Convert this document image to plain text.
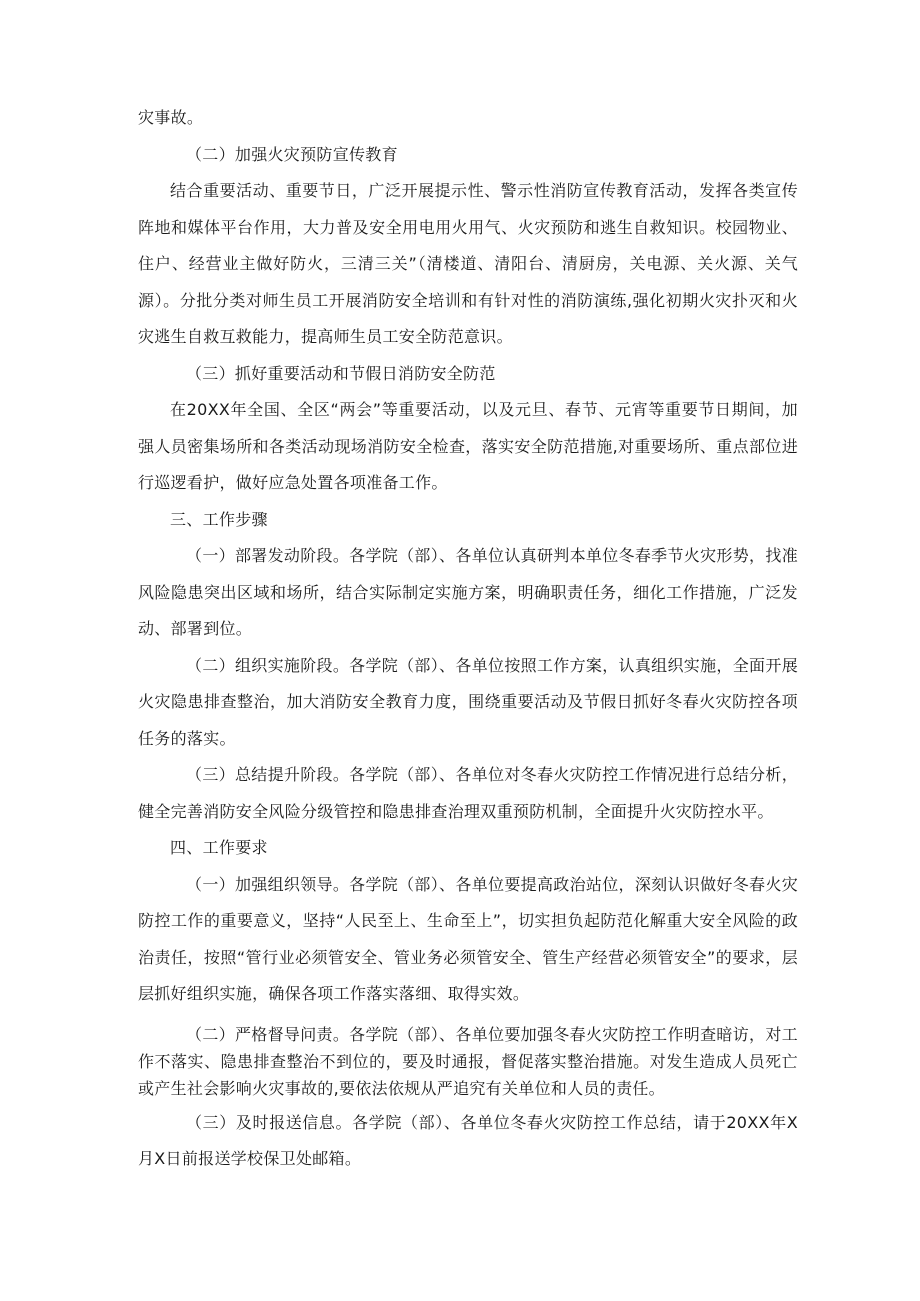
灾事故。

（二）加强火灾预防宣传教育

结合重要活动、重要节日，广泛开展提示性、警示性消防宣传教育活动，发挥各类宣传阵地和媒体平台作用，大力普及安全用电用火用气、火灾预防和逃生自救知识。校园物业、住户、经营业主做好防火，三清三关”（清楼道、清阳台、清厨房，关电源、关火源、关气源）。分批分类对师生员工开展消防安全培训和有针对性的消防演练,强化初期火灾扑灭和火灾逃生自救互救能力，提高师生员工安全防范意识。

（三）抓好重要活动和节假日消防安全防范

在20XX年全国、全区“两会”等重要活动，以及元旦、春节、元宵等重要节日期间，加强人员密集场所和各类活动现场消防安全检查，落实安全防范措施,对重要场所、重点部位进行巡逻看护，做好应急处置各项准备工作。

三、工作步骤

（一）部署发动阶段。各学院（部）、各单位认真研判本单位冬春季节火灾形势，找准风险隐患突出区域和场所，结合实际制定实施方案，明确职责任务，细化工作措施，广泛发动、部署到位。

（二）组织实施阶段。各学院（部）、各单位按照工作方案，认真组织实施，全面开展火灾隐患排查整治，加大消防安全教育力度，围绕重要活动及节假日抓好冬春火灾防控各项任务的落实。

（三）总结提升阶段。各学院（部）、各单位对冬春火灾防控工作情况进行总结分析，健全完善消防安全风险分级管控和隐患排查治理双重预防机制，全面提升火灾防控水平。

四、工作要求

（一）加强组织领导。各学院（部）、各单位要提高政治站位，深刻认识做好冬春火灾防控工作的重要意义，坚持“人民至上、生命至上”，切实担负起防范化解重大安全风险的政治责任，按照“管行业必须管安全、管业务必须管安全、管生产经营必须管安全”的要求，层层抓好组织实施，确保各项工作落实落细、取得实效。

（二）严格督导问责。各学院（部）、各单位要加强冬春火灾防控工作明查暗访，对工作不落实、隐患排查整治不到位的，要及时通报，督促落实整治措施。对发生造成人员死亡或产生社会影响火灾事故的,要依法依规从严追究有关单位和人员的责任。

（三）及时报送信息。各学院（部）、各单位冬春火灾防控工作总结，请于20XX年X月X日前报送学校保卫处邮箱。
